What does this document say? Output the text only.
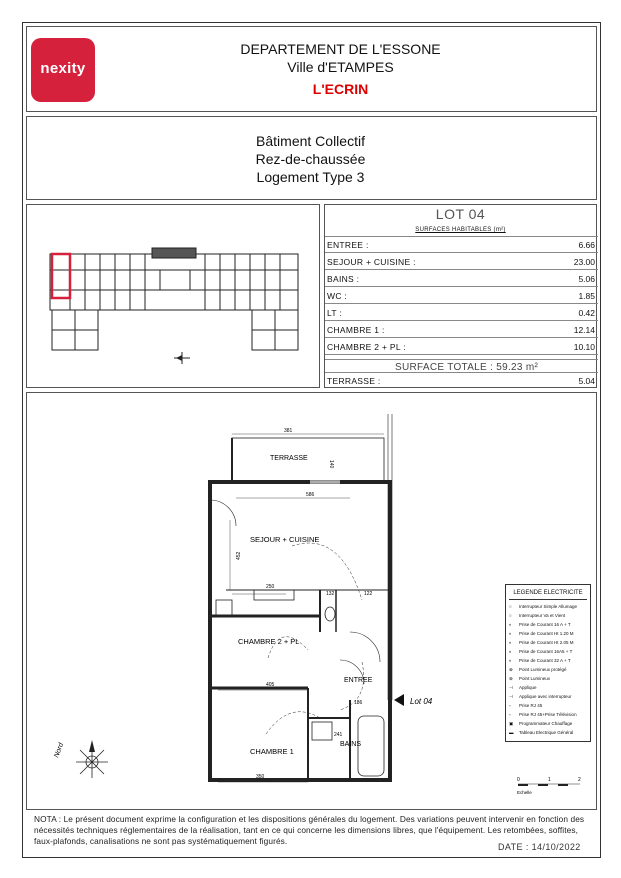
nexity
DEPARTEMENT DE L'ESSONE
Ville d'ETAMPES
L'ECRIN
Bâtiment Collectif
Rez-de-chaussée
Logement Type 3
LOT 04
SURFACES HABITABLES (m²)
ENTREE :	6.66
SEJOUR + CUISINE :	23.00
BAINS :	5.06
WC :	1.85
LT :	0.42
CHAMBRE 1 :	12.14
CHAMBRE 2 + PL :	10.10
SURFACE TOTALE : 59.23 m²
TERRASSE :	5.04
381
140
586
452
250
132	122
405
186
241
350
TERRASSE
SEJOUR + CUISINE
CHAMBRE 2 + PL
ENTREE
CHAMBRE 1
BAINS
Lot 04
Nord
LEGENDE ELECTRICITE
○ Interrupteur Simple Allumage
○ Interrupteur Va et Vient
◐ Prise de Courant 16 A + T
◐ Prise de Courant Ht 1.20 M
◐ Prise de Courant Ht 2.05 M
◐ Prise de Courant 16A5 + T
◐ Prise de Courant 32 A + T
⊗ Point Lumineux protégé
⊗ Point Lumineux
⊣ Applique
⊣ Applique avec interrupteur
▫ Prise RJ 45
▫ Prise RJ 45+Prise Télévision
▣ Programmateur Chauffage
▬ Tableau Electrique Général
0	1	2
Echelle
NOTA : Le présent document exprime la configuration et les dispositions générales du logement. Des variations peuvent intervenir en fonction des nécessités techniques réglementaires de la réalisation, tant en ce qui concerne les dimensions libres, que l'équipement. Les retombées, soffites, faux-plafonds, canalisations ne sont pas systématiquement figurés.
DATE : 14/10/2022
